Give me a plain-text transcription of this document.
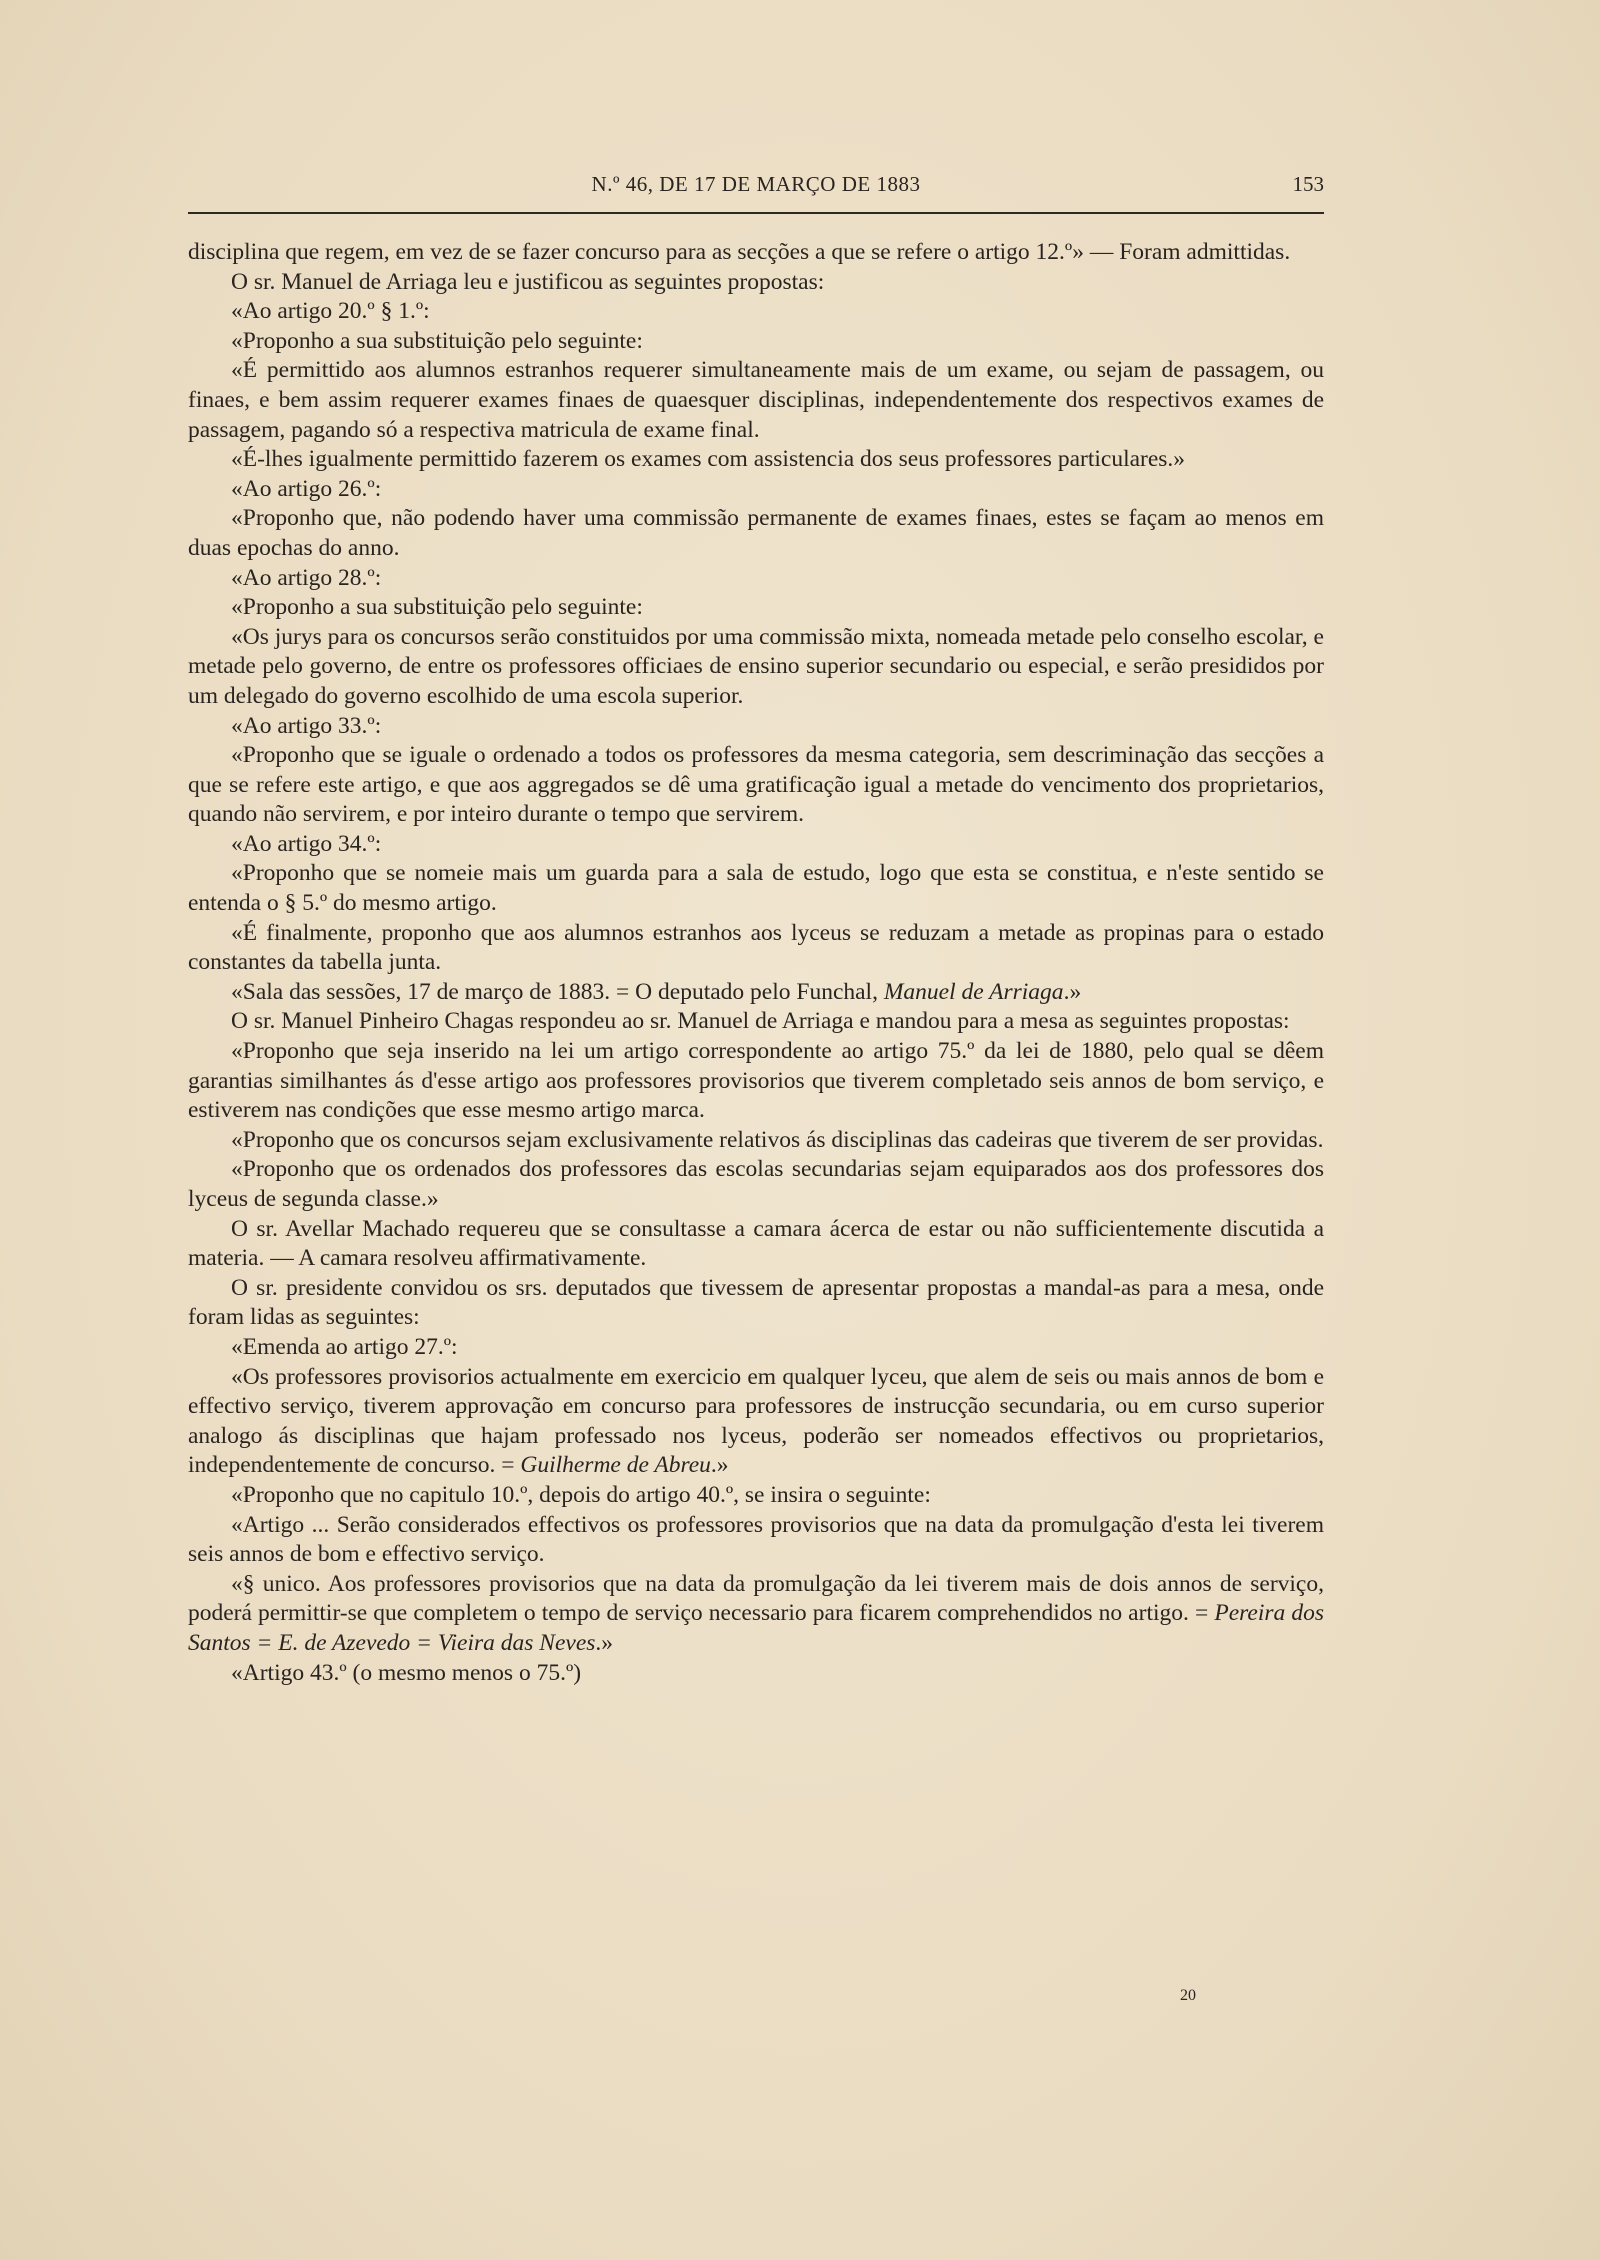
N.º 46, DE 17 DE MARÇO DE 1883	153

disciplina que regem, em vez de se fazer concurso para as secções a que se refere o artigo 12.º» — Foram admittidas.

O sr. Manuel de Arriaga leu e justificou as seguintes propostas:

«Ao artigo 20.º § 1.º:

«Proponho a sua substituição pelo seguinte:

«É permittido aos alumnos estranhos requerer simultaneamente mais de um exame, ou sejam de passagem, ou finaes, e bem assim requerer exames finaes de quaesquer disciplinas, independentemente dos respectivos exames de passagem, pagando só a respectiva matricula de exame final.

«É-lhes igualmente permittido fazerem os exames com assistencia dos seus professores particulares.»

«Ao artigo 26.º:

«Proponho que, não podendo haver uma commissão permanente de exames finaes, estes se façam ao menos em duas epochas do anno.

«Ao artigo 28.º:

«Proponho a sua substituição pelo seguinte:

«Os jurys para os concursos serão constituidos por uma commissão mixta, nomeada metade pelo conselho escolar, e metade pelo governo, de entre os professores officiaes de ensino superior secundario ou especial, e serão presididos por um delegado do governo escolhido de uma escola superior.

«Ao artigo 33.º:

«Proponho que se iguale o ordenado a todos os professores da mesma categoria, sem descriminação das secções a que se refere este artigo, e que aos aggregados se dê uma gratificação igual a metade do vencimento dos proprietarios, quando não servirem, e por inteiro durante o tempo que servirem.

«Ao artigo 34.º:

«Proponho que se nomeie mais um guarda para a sala de estudo, logo que esta se constitua, e n'este sentido se entenda o § 5.º do mesmo artigo.

«É finalmente, proponho que aos alumnos estranhos aos lyceus se reduzam a metade as propinas para o estado constantes da tabella junta.

«Sala das sessões, 17 de março de 1883. = O deputado pelo Funchal, Manuel de Arriaga.»

O sr. Manuel Pinheiro Chagas respondeu ao sr. Manuel de Arriaga e mandou para a mesa as seguintes propostas:

«Proponho que seja inserido na lei um artigo correspondente ao artigo 75.º da lei de 1880, pelo qual se dêem garantias similhantes ás d'esse artigo aos professores provisorios que tiverem completado seis annos de bom serviço, e estiverem nas condições que esse mesmo artigo marca.

«Proponho que os concursos sejam exclusivamente relativos ás disciplinas das cadeiras que tiverem de ser providas.

«Proponho que os ordenados dos professores das escolas secundarias sejam equiparados aos dos professores dos lyceus de segunda classe.»

O sr. Avellar Machado requereu que se consultasse a camara ácerca de estar ou não sufficientemente discutida a materia. — A camara resolveu affirmativamente.

O sr. presidente convidou os srs. deputados que tivessem de apresentar propostas a mandal-as para a mesa, onde foram lidas as seguintes:

«Emenda ao artigo 27.º:

«Os professores provisorios actualmente em exercicio em qualquer lyceu, que alem de seis ou mais annos de bom e effectivo serviço, tiverem approvação em concurso para professores de instrucção secundaria, ou em curso superior analogo ás disciplinas que hajam professado nos lyceus, poderão ser nomeados effectivos ou proprietarios, independentemente de concurso. = Guilherme de Abreu.»

«Proponho que no capitulo 10.º, depois do artigo 40.º, se insira o seguinte:

«Artigo ... Serão considerados effectivos os professores provisorios que na data da promulgação d'esta lei tiverem seis annos de bom e effectivo serviço.

«§ unico. Aos professores provisorios que na data da promulgação da lei tiverem mais de dois annos de serviço, poderá permittir-se que completem o tempo de serviço necessario para ficarem comprehendidos no artigo. = Pereira dos Santos = E. de Azevedo = Vieira das Neves.»

«Artigo 43.º (o mesmo menos o 75.º)

20
